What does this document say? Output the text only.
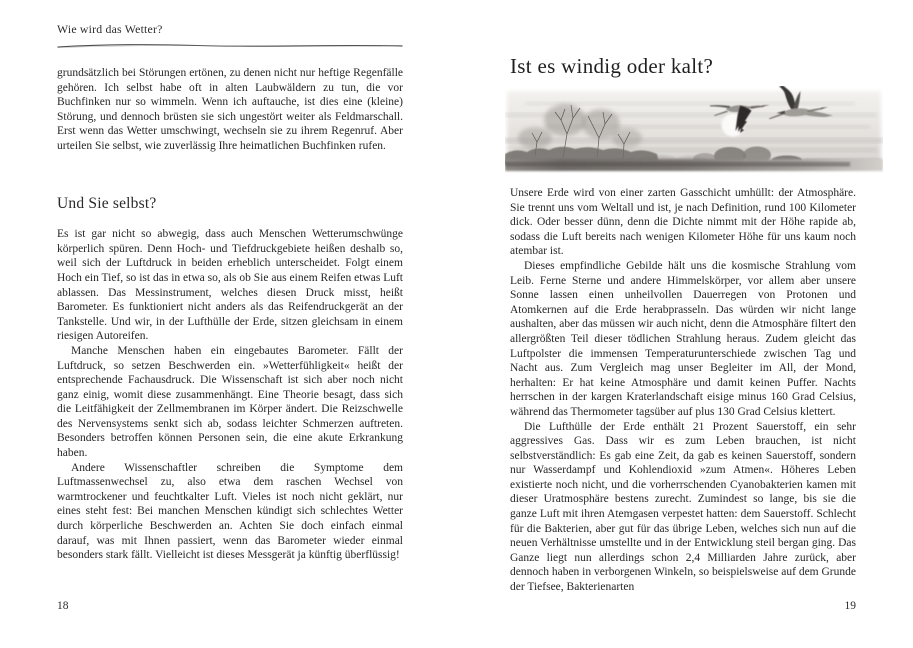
Wie wird das Wetter?

grundsätzlich bei Störungen ertönen, zu denen nicht nur heftige Regenfälle gehören. Ich selbst habe oft in alten Laubwäldern zu tun, die vor Buchfinken nur so wimmeln. Wenn ich auftauche, ist dies eine (kleine) Störung, und dennoch brüsten sie sich ungestört weiter als Feldmarschall. Erst wenn das Wetter umschwingt, wechseln sie zu ihrem Regenruf. Aber urteilen Sie selbst, wie zuverlässig Ihre heimatlichen Buchfinken rufen.

Und Sie selbst?

Es ist gar nicht so abwegig, dass auch Menschen Wetterumschwünge körperlich spüren. Denn Hoch- und Tiefdruckgebiete heißen deshalb so, weil sich der Luftdruck in beiden erheblich unterscheidet. Folgt einem Hoch ein Tief, so ist das in etwa so, als ob Sie aus einem Reifen etwas Luft ablassen. Das Messinstrument, welches diesen Druck misst, heißt Barometer. Es funktioniert nicht anders als das Reifendruckgerät an der Tankstelle. Und wir, in der Lufthülle der Erde, sitzen gleichsam in einem riesigen Autoreifen.

Manche Menschen haben ein eingebautes Barometer. Fällt der Luftdruck, so setzen Beschwerden ein. »Wetterfühligkeit« heißt der entsprechende Fachausdruck. Die Wissenschaft ist sich aber noch nicht ganz einig, womit diese zusammenhängt. Eine Theorie besagt, dass sich die Leitfähigkeit der Zellmembranen im Körper ändert. Die Reizschwelle des Nervensystems senkt sich ab, sodass leichter Schmerzen auftreten. Besonders betroffen können Personen sein, die eine akute Erkrankung haben.

Andere Wissenschaftler schreiben die Symptome dem Luftmassenwechsel zu, also etwa dem raschen Wechsel von warmtrockener und feuchtkalter Luft. Vieles ist noch nicht geklärt, nur eines steht fest: Bei manchen Menschen kündigt sich schlechtes Wetter durch körperliche Beschwerden an. Achten Sie doch einfach einmal darauf, was mit Ihnen passiert, wenn das Barometer wieder einmal besonders stark fällt. Vielleicht ist dieses Messgerät ja künftig überflüssig!

18
Ist es windig oder kalt?

Unsere Erde wird von einer zarten Gasschicht umhüllt: der Atmosphäre. Sie trennt uns vom Weltall und ist, je nach Definition, rund 100 Kilometer dick. Oder besser dünn, denn die Dichte nimmt mit der Höhe rapide ab, sodass die Luft bereits nach wenigen Kilometer Höhe für uns kaum noch atembar ist.

Dieses empfindliche Gebilde hält uns die kosmische Strahlung vom Leib. Ferne Sterne und andere Himmelskörper, vor allem aber unsere Sonne lassen einen unheilvollen Dauerregen von Protonen und Atomkernen auf die Erde herabprasseln. Das würden wir nicht lange aushalten, aber das müssen wir auch nicht, denn die Atmosphäre filtert den allergrößten Teil dieser tödlichen Strahlung heraus. Zudem gleicht das Luftpolster die immensen Temperaturunterschiede zwischen Tag und Nacht aus. Zum Vergleich mag unser Begleiter im All, der Mond, herhalten: Er hat keine Atmosphäre und damit keinen Puffer. Nachts herrschen in der kargen Kraterlandschaft eisige minus 160 Grad Celsius, während das Thermometer tagsüber auf plus 130 Grad Celsius klettert.

Die Lufthülle der Erde enthält 21 Prozent Sauerstoff, ein sehr aggressives Gas. Dass wir es zum Leben brauchen, ist nicht selbstverständlich: Es gab eine Zeit, da gab es keinen Sauerstoff, sondern nur Wasserdampf und Kohlendioxid »zum Atmen«. Höheres Leben existierte noch nicht, und die vorherrschenden Cyanobakterien kamen mit dieser Uratmosphäre bestens zurecht. Zumindest so lange, bis sie die ganze Luft mit ihren Atemgasen verpestet hatten: dem Sauerstoff. Schlecht für die Bakterien, aber gut für das übrige Leben, welches sich nun auf die neuen Verhältnisse umstellte und in der Entwicklung steil bergan ging. Das Ganze liegt nun allerdings schon 2,4 Milliarden Jahre zurück, aber dennoch haben in verborgenen Winkeln, so beispielsweise auf dem Grunde der Tiefsee, Bakterienarten

19
